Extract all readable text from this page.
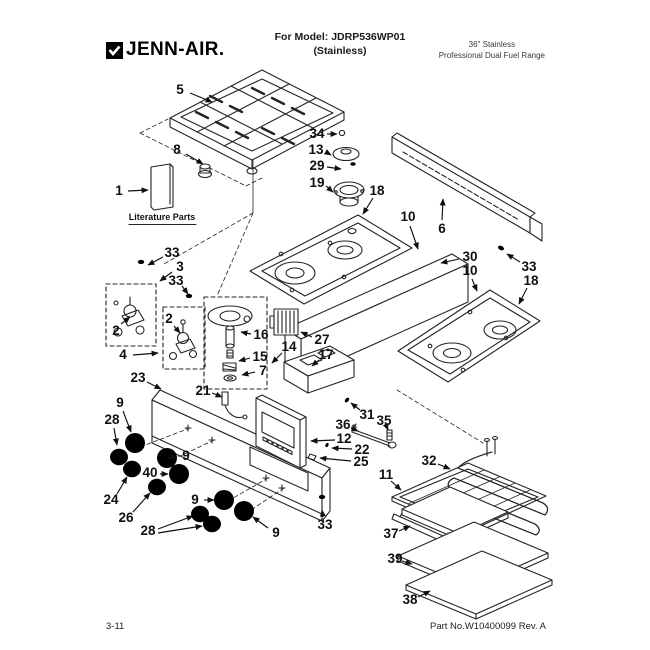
JENN-AIR.
For Model: JDRP536WP01
(Stainless)
36" Stainless
Professional Dual Fuel Range
Literature Parts
5
8
1
34
13
29
19
18
10
6
30
10	33
18
33
3
33
2
2
4
16
14
15
7
27
17
23
21
9
28
9
40
24
26
28
9
9
33
31
36 35
12
22
25	32
11
37
39
38
3-11	Part No.W10400099 Rev. A
